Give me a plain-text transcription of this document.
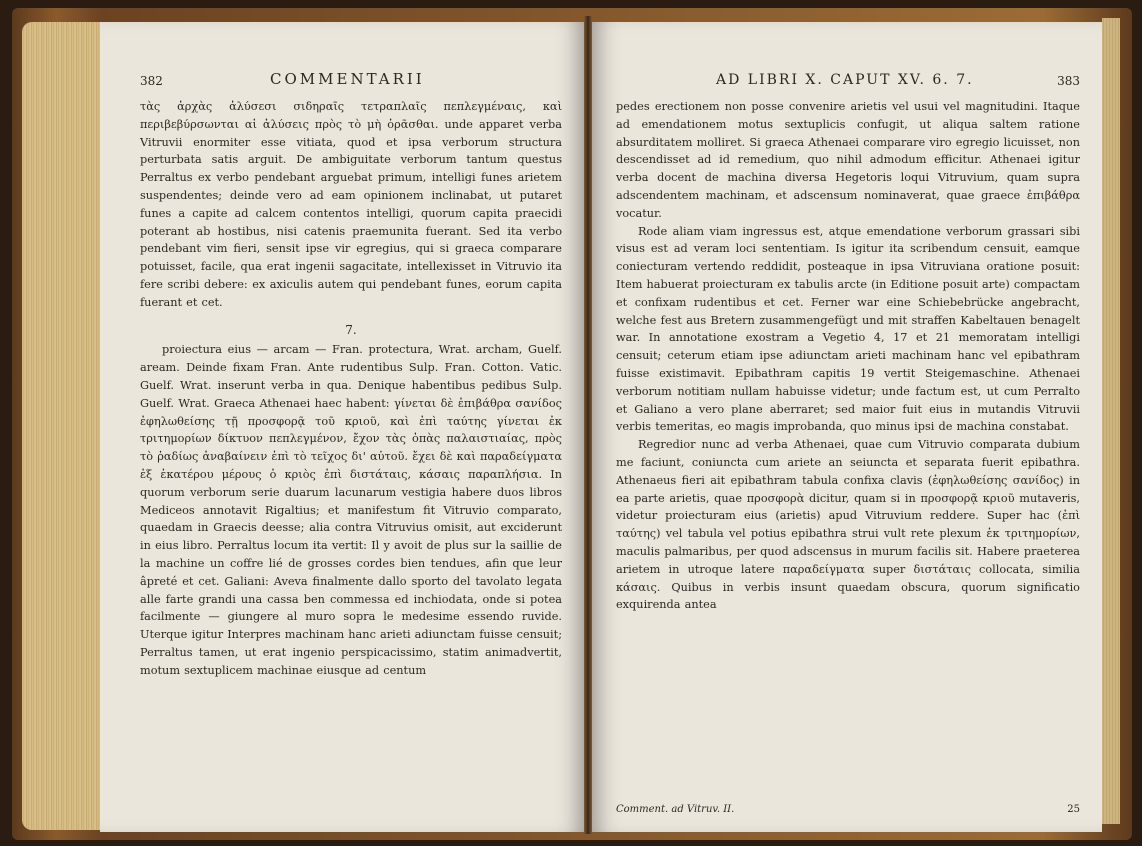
382	COMMENTARII

τὰς ἀρχὰς ἁλύσεσι σιδηραῖς τετραπλαῖς πεπλεγμέναις, καὶ περιβεβύρσωνται αἱ ἁλύσεις πρὸς τὸ μὴ ὁρᾶσθαι. unde apparet verba Vitruvii enormiter esse vitiata, quod et ipsa verborum structura perturbata satis arguit. De ambiguitate verborum tantum questus Perraltus ex verbo pendebant arguebat primum, intelligi funes arietem suspendentes; deinde vero ad eam opinionem inclinabat, ut putaret funes a capite ad calcem contentos intelligi, quorum capita praecidi poterant ab hostibus, nisi catenis praemunita fuerant. Sed ita verbo pendebant vim fieri, sensit ipse vir egregius, qui si graeca comparare potuisset, facile, qua erat ingenii sagacitate, intellexisset in Vitruvio ita fere scribi debere: ex axiculis autem qui pendebant funes, eorum capita fuerant et cet.

7.

proiectura eius — arcam — Fran. protectura, Wrat. archam, Guelf. aream. Deinde fixam Fran. Ante rudentibus Sulp. Fran. Cotton. Vatic. Guelf. Wrat. inserunt verba in qua. Denique habentibus pedibus Sulp. Guelf. Wrat. Graeca Athenaei haec habent: γίνεται δὲ ἐπιβάθρα σανίδος ἐφηλωθείσης τῇ προσφορᾷ τοῦ κριοῦ, καὶ ἐπὶ ταύτης γίνεται ἐκ τριτημορίων δίκτυον πεπλεγμένον, ἔχον τὰς ὀπὰς παλαιστιαίας, πρὸς τὸ ῥαδίως ἀναβαίνειν ἐπὶ τὸ τεῖχος δι' αὐτοῦ. ἔχει δὲ καὶ παραδείγματα ἐξ ἑκατέρου μέρους ὁ κριὸς ἐπὶ διστάταις, κάσαις παραπλήσια. In quorum verborum serie duarum lacunarum vestigia habere duos libros Mediceos annotavit Rigaltius; et manifestum fit Vitruvio comparato, quaedam in Graecis deesse; alia contra Vitruvius omisit, aut exciderunt in eius libro. Perraltus locum ita vertit: Il y avoit de plus sur la saillie de la machine un coffre lié de grosses cordes bien tendues, afin que leur âpreté et cet. Galiani: Aveva finalmente dallo sporto del tavolato legata alle farte grandi una cassa ben commessa ed inchiodata, onde si potea facilmente — giungere al muro sopra le medesime essendo ruvide. Uterque igitur Interpres machinam hanc arieti adiunctam fuisse censuit; Perraltus tamen, ut erat ingenio perspicacissimo, statim animadvertit, motum sextuplicem machinae eiusque ad centum

AD LIBRI X. CAPUT XV. 6. 7.	383

pedes erectionem non posse convenire arietis vel usui vel magnitudini. Itaque ad emendationem motus sextuplicis confugit, ut aliqua saltem ratione absurditatem molliret. Si graeca Athenaei comparare viro egregio licuisset, non descendisset ad id remedium, quo nihil admodum efficitur. Athenaei igitur verba docent de machina diversa Hegetoris loqui Vitruvium, quam supra adscendentem machinam, et adscensum nominaverat, quae graece ἐπιβάθρα vocatur.

Rode aliam viam ingressus est, atque emendatione verborum grassari sibi visus est ad veram loci sententiam. Is igitur ita scribendum censuit, eamque coniecturam vertendo reddidit, posteaque in ipsa Vitruviana oratione posuit: Item habuerat proiecturam ex tabulis arcte (in Editione posuit arte) compactam et confixam rudentibus et cet. Ferner war eine Schiebebrücke angebracht, welche fest aus Bretern zusammengefügt und mit straffen Kabeltauen benagelt war. In annotatione exostram a Vegetio 4, 17 et 21 memoratam intelligi censuit; ceterum etiam ipse adiunctam arieti machinam hanc vel epibathram fuisse existimavit. Epibathram capitis 19 vertit Steigemaschine. Athenaei verborum notitiam nullam habuisse videtur; unde factum est, ut cum Perralto et Galiano a vero plane aberraret; sed maior fuit eius in mutandis Vitruvii verbis temeritas, eo magis improbanda, quo minus ipsi de machina constabat.

Regredior nunc ad verba Athenaei, quae cum Vitruvio comparata dubium me faciunt, coniuncta cum ariete an seiuncta et separata fuerit epibathra. Athenaeus fieri ait epibathram tabula confixa clavis (ἐφηλωθείσης σανίδος) in ea parte arietis, quae προσφορὰ dicitur, quam si in προσφορᾷ κριοῦ mutaveris, videtur proiecturam eius (arietis) apud Vitruvium reddere. Super hac (ἐπὶ ταύτης) vel tabula vel potius epibathra strui vult rete plexum ἐκ τριτημορίων, maculis palmaribus, per quod adscensus in murum facilis sit. Habere praeterea arietem in utroque latere παραδείγματα super διστάταις collocata, similia κάσαις. Quibus in verbis insunt quaedam obscura, quorum significatio exquirenda antea

Comment. ad Vitruv. II.	25
